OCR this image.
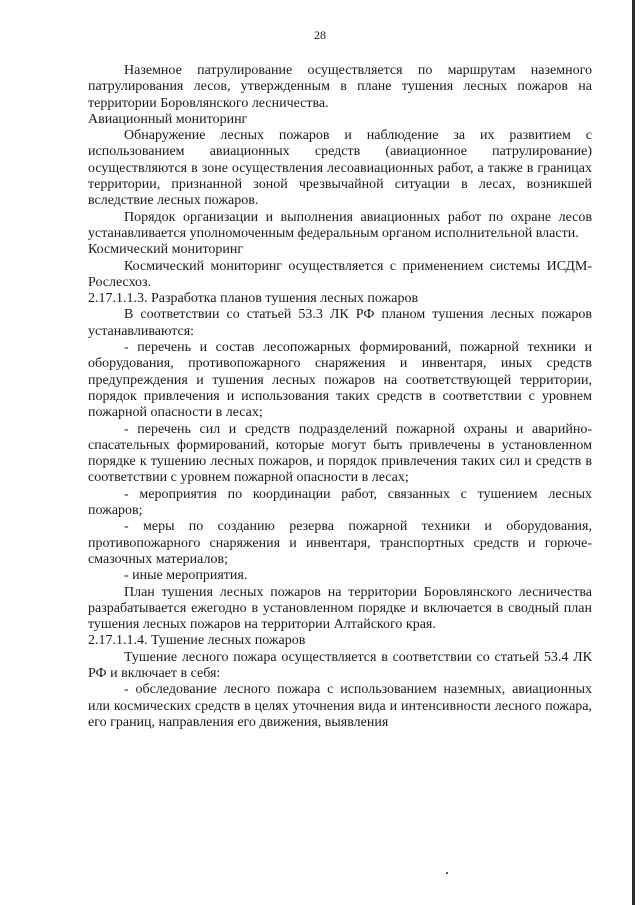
28

Наземное патрулирование осуществляется по маршрутам наземного патрулирования лесов, утвержденным в плане тушения лесных пожаров на территории Боровлянского лесничества.

Авиационный мониторинг

Обнаружение лесных пожаров и наблюдение за их развитием с использованием авиационных средств (авиационное патрулирование) осуществляются в зоне осуществления лесоавиационных работ, а также в границах территории, признанной зоной чрезвычайной ситуации в лесах, возникшей вследствие лесных пожаров.

Порядок организации и выполнения авиационных работ по охране лесов устанавливается уполномоченным федеральным органом исполнительной власти.

Космический мониторинг

Космический мониторинг осуществляется с применением системы ИСДМ-Рослесхоз.

2.17.1.1.3. Разработка планов тушения лесных пожаров

В соответствии со статьей 53.3 ЛК РФ планом тушения лесных пожаров устанавливаются:

- перечень и состав лесопожарных формирований, пожарной техники и оборудования, противопожарного снаряжения и инвентаря, иных средств предупреждения и тушения лесных пожаров на соответствующей территории, порядок привлечения и использования таких средств в соответствии с уровнем пожарной опасности в лесах;

- перечень сил и средств подразделений пожарной охраны и аварийно-спасательных формирований, которые могут быть привлечены в установленном порядке к тушению лесных пожаров, и порядок привлечения таких сил и средств в соответствии с уровнем пожарной опасности в лесах;

- мероприятия по координации работ, связанных с тушением лесных пожаров;

- меры по созданию резерва пожарной техники и оборудования, противопожарного снаряжения и инвентаря, транспортных средств и горюче-смазочных материалов;

- иные мероприятия.

План тушения лесных пожаров на территории Боровлянского лесничества разрабатывается ежегодно в установленном порядке и включается в сводный план тушения лесных пожаров на территории Алтайского края.

2.17.1.1.4. Тушение лесных пожаров

Тушение лесного пожара осуществляется в соответствии со статьей 53.4 ЛК РФ и включает в себя:

- обследование лесного пожара с использованием наземных, авиационных или космических средств в целях уточнения вида и интенсивности лесного пожара, его границ, направления его движения, выявления
